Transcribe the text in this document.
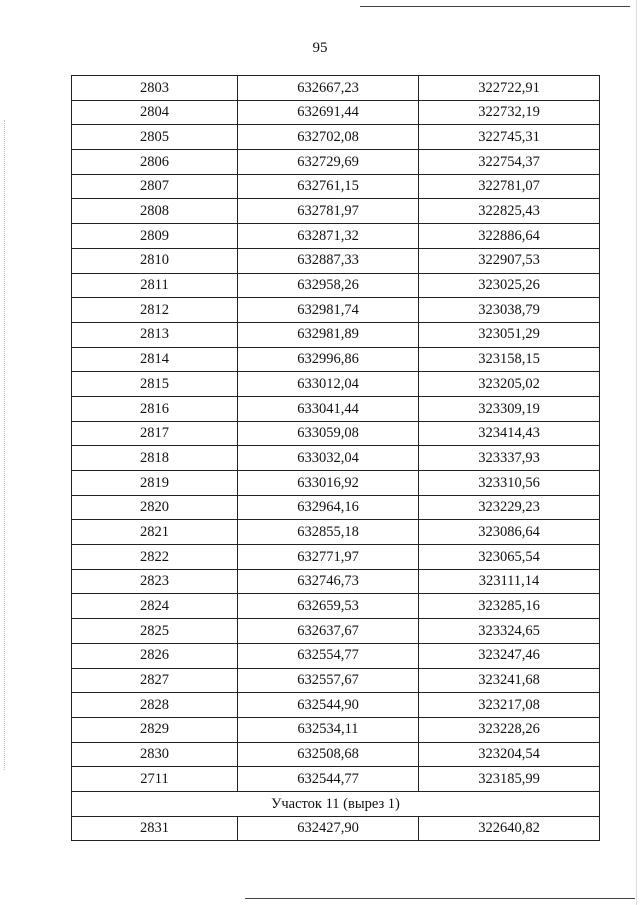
95
2803	632667,23	322722,91
2804	632691,44	322732,19
2805	632702,08	322745,31
2806	632729,69	322754,37
2807	632761,15	322781,07
2808	632781,97	322825,43
2809	632871,32	322886,64
2810	632887,33	322907,53
2811	632958,26	323025,26
2812	632981,74	323038,79
2813	632981,89	323051,29
2814	632996,86	323158,15
2815	633012,04	323205,02
2816	633041,44	323309,19
2817	633059,08	323414,43
2818	633032,04	323337,93
2819	633016,92	323310,56
2820	632964,16	323229,23
2821	632855,18	323086,64
2822	632771,97	323065,54
2823	632746,73	323111,14
2824	632659,53	323285,16
2825	632637,67	323324,65
2826	632554,77	323247,46
2827	632557,67	323241,68
2828	632544,90	323217,08
2829	632534,11	323228,26
2830	632508,68	323204,54
2711	632544,77	323185,99
Участок 11 (вырез 1)		
2831	632427,90	322640,82
